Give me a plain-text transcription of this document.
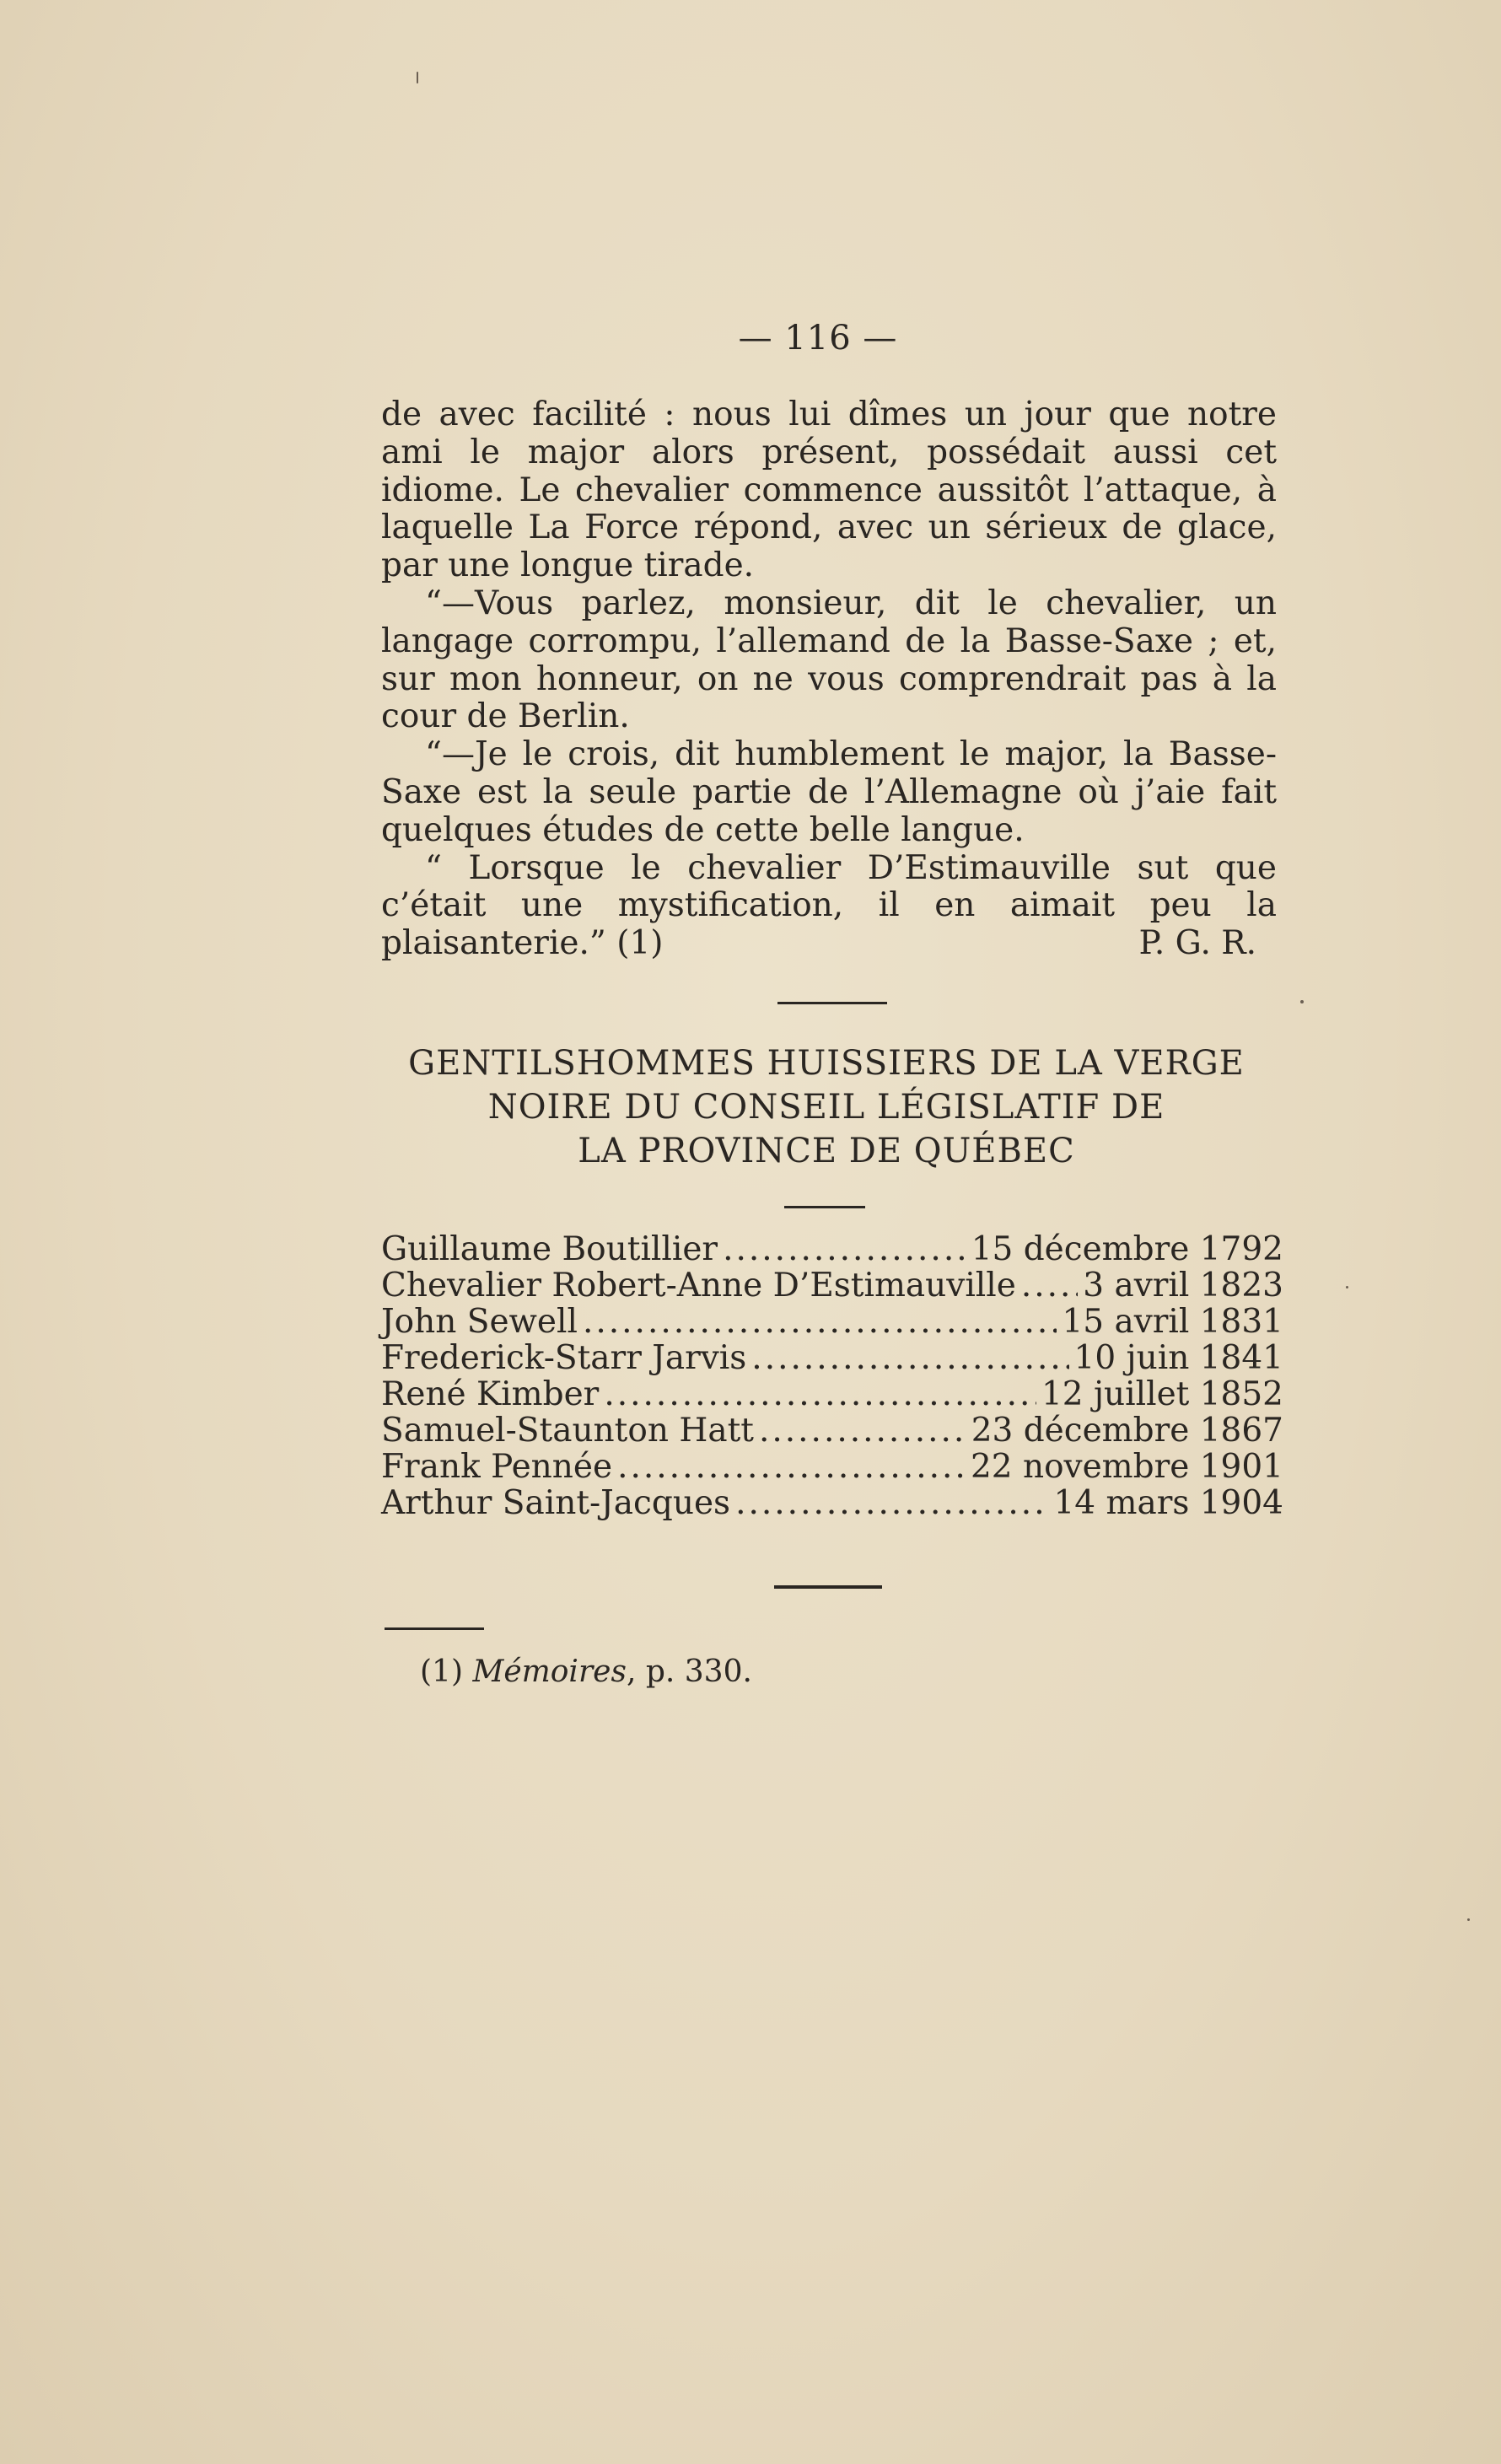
— 116 —

de avec facilité : nous lui dîmes un jour que notre ami le major alors présent, possédait aussi cet idiome. Le chevalier commence aussitôt l’attaque, à laquelle La Force répond, avec un sérieux de glace, par une longue tirade.

“—Vous parlez, monsieur, dit le chevalier, un langage corrompu, l’allemand de la Basse-Saxe ; et, sur mon honneur, on ne vous comprendrait pas à la cour de Berlin.

“—Je le crois, dit humblement le major, la Basse-Saxe est la seule partie de l’Allemagne où j’aie fait quelques études de cette belle langue.

“ Lorsque le chevalier D’Estimauville sut que c’était une mystification, il en aimait peu la plaisanterie.” (1)	P. G. R.

GENTILSHOMMES HUISSIERS DE LA VERGE
NOIRE DU CONSEIL LÉGISLATIF DE
LA PROVINCE DE QUÉBEC
Guillaume Boutillier .....	15 décembre 1792
Chevalier Robert-Anne D’Estimauville ..... 3 avril 1823
John Sewell .....	15 avril 1831
Frederick-Starr Jarvis .....	10 juin 1841
René Kimber .....	12 juillet 1852
Samuel-Staunton Hatt .....	23 décembre 1867
Frank Pennée .....	22 novembre 1901
Arthur Saint-Jacques .....	14 mars 1904
(1) Mémoires, p. 330.
